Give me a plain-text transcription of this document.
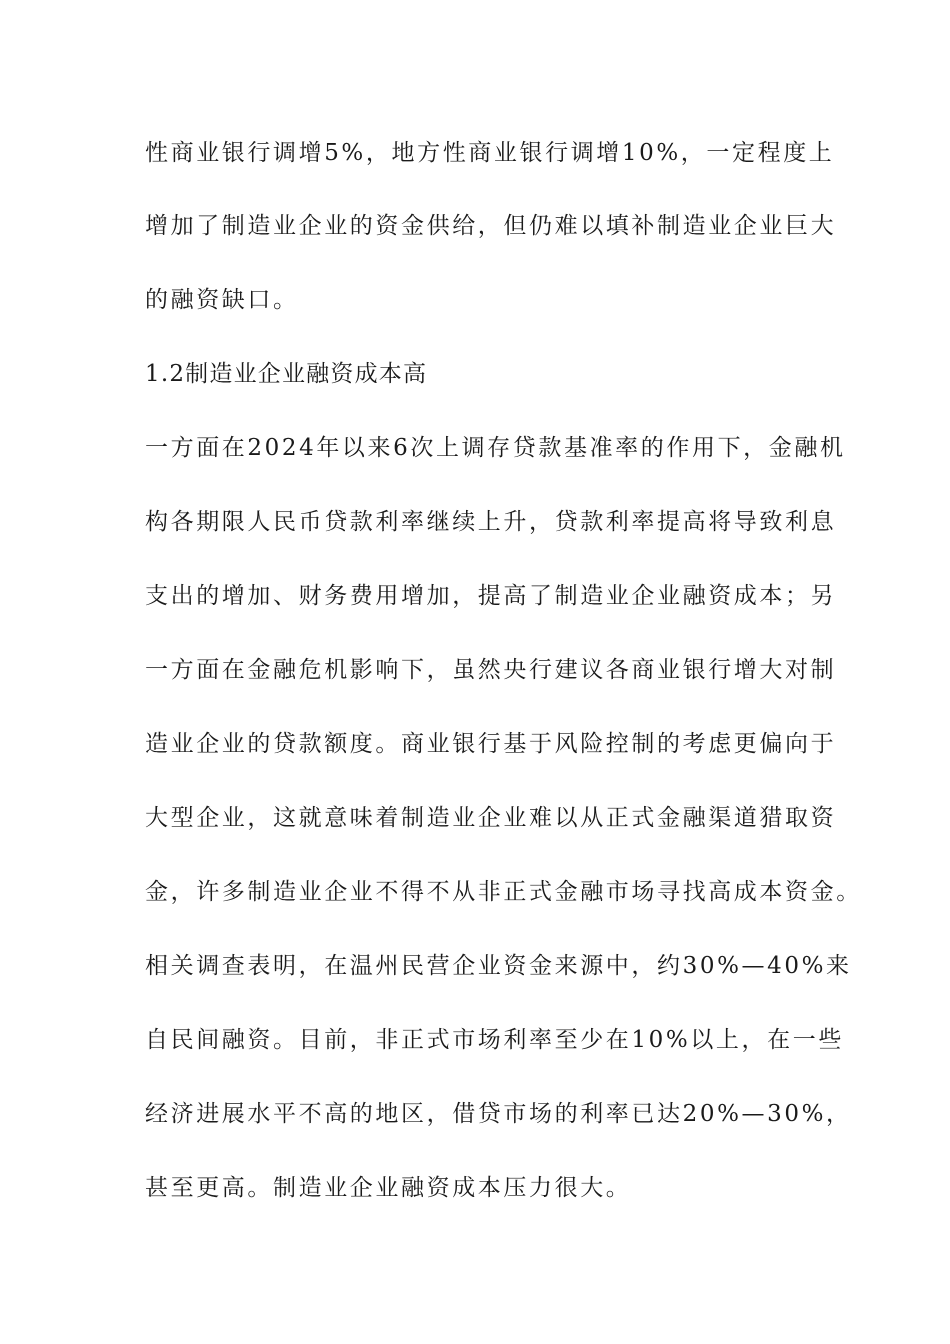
性商业银行调增5%，地方性商业银行调增10%，一定程度上
增加了制造业企业的资金供给，但仍难以填补制造业企业巨大
的融资缺口。
1.2制造业企业融资成本高
一方面在2024年以来6次上调存贷款基准率的作用下，金融机
构各期限人民币贷款利率继续上升，贷款利率提高将导致利息
支出的增加、财务费用增加，提高了制造业企业融资成本；另
一方面在金融危机影响下，虽然央行建议各商业银行增大对制
造业企业的贷款额度。商业银行基于风险控制的考虑更偏向于
大型企业，这就意味着制造业企业难以从正式金融渠道猎取资
金，许多制造业企业不得不从非正式金融市场寻找高成本资金。
相关调查表明，在温州民营企业资金来源中，约30%—40%来
自民间融资。目前，非正式市场利率至少在10%以上，在一些
经济进展水平不高的地区，借贷市场的利率已达20%—30%，
甚至更高。制造业企业融资成本压力很大。
